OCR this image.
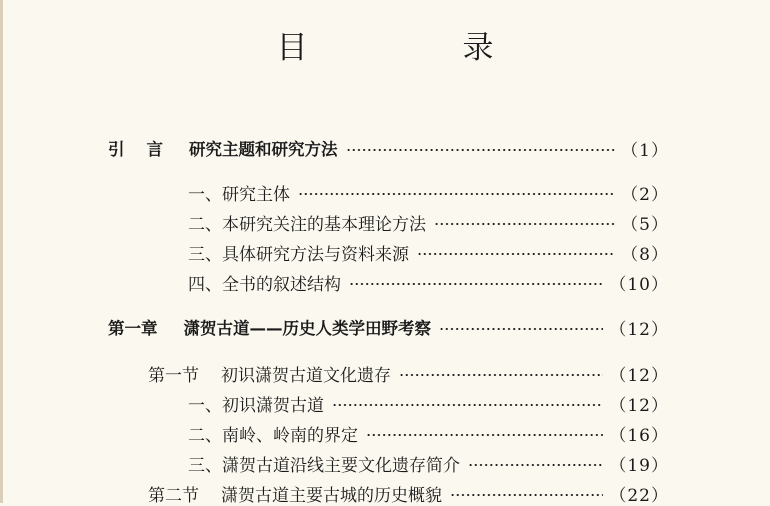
目　录
引 言 研究主题和研究方法	（1）
一、研究主体	（2）
二、本研究关注的基本理论方法	（5）
三、具体研究方法与资料来源	（8）
四、全书的叙述结构	（10）
第一章 潇贺古道——历史人类学田野考察	（12）
第一节 初识潇贺古道文化遗存	（12）
一、初识潇贺古道	（12）
二、南岭、岭南的界定	（16）
三、潇贺古道沿线主要文化遗存简介	（19）
第二节 潇贺古道主要古城的历史概貌	（22）
